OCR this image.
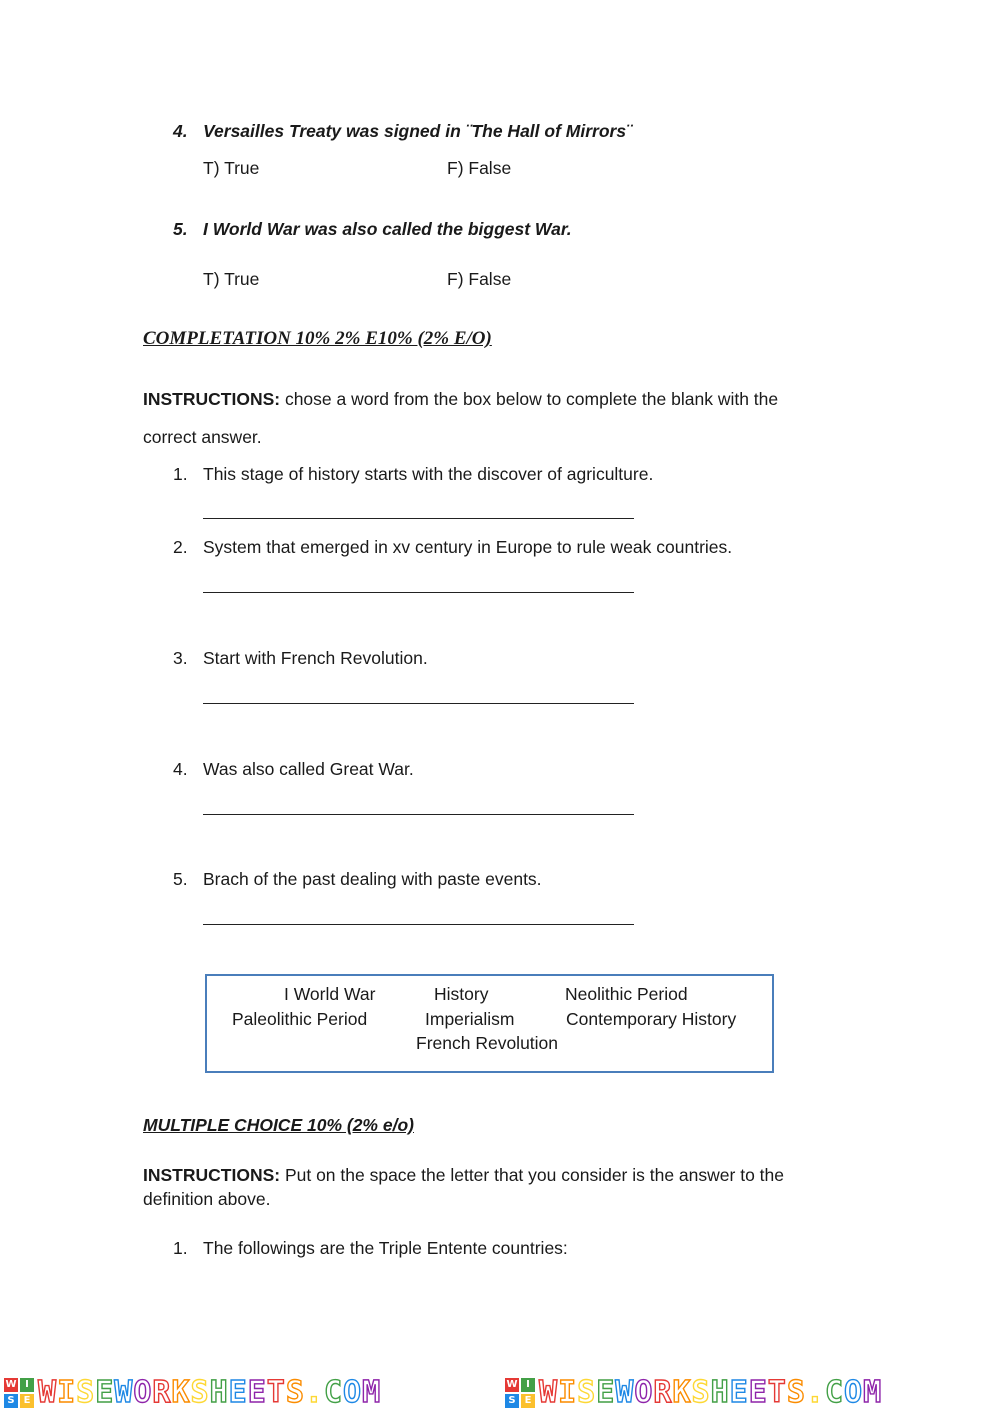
4. Versailles Treaty was signed in ¨The Hall of Mirrors¨
T) True	F) False
5. I World War was also called the biggest War.
T) True	F) False
COMPLETATION 10% 2% E10% (2% E/O)
INSTRUCTIONS: chose a word from the box below to complete the blank with the
correct answer.
1. This stage of history starts with the discover of agriculture.
2. System that emerged in xv century in Europe to rule weak countries.
3. Start with French Revolution.
4. Was also called Great War.
5. Brach of the past dealing with paste events.
I World War	History	Neolithic Period
Paleolithic Period	Imperialism	Contemporary History
French Revolution
MULTIPLE CHOICE 10% (2% e/o)
INSTRUCTIONS: Put on the space the letter that you consider is the answer to the
definition above.
1. The followings are the Triple Entente countries:
W I
S E WISEWORKSHEETS.COM	W I
S E WISEWORKSHEETS.COM
